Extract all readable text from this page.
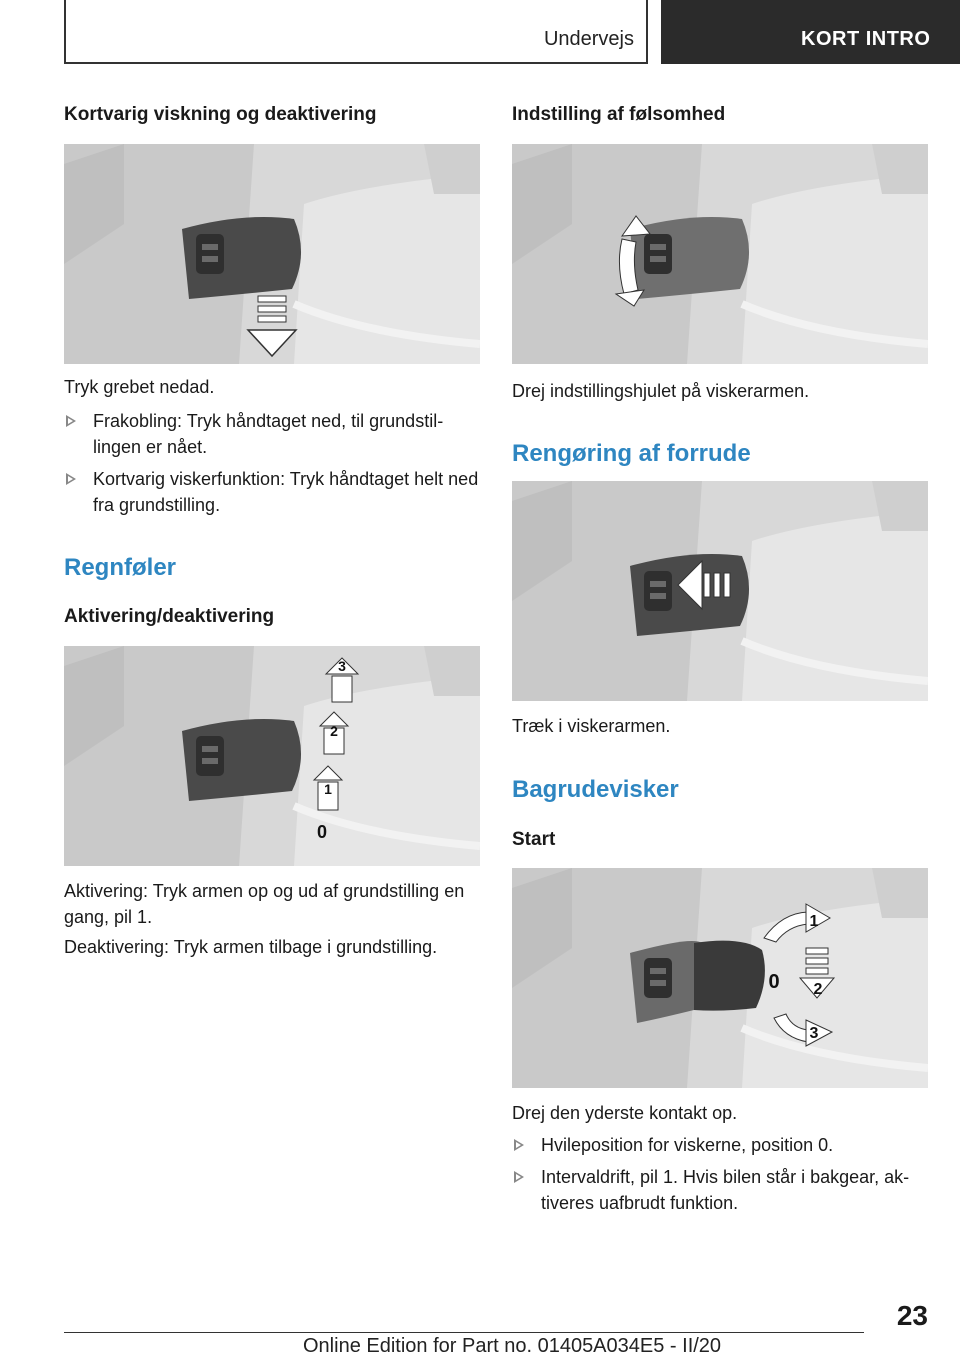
Undervejs	KORT INTRO
Kortvarig viskning og deaktivering

Tryk grebet nedad.

Frakobling: Tryk håndtaget ned, til grundstillingen er nået.
Kortvarig viskerfunktion: Tryk håndtaget helt ned fra grundstilling.
Regnføler
Aktivering/deaktivering
3
2
1
0

Aktivering: Tryk armen op og ud af grundstilling en gang, pil 1.

Deaktivering: Tryk armen tilbage i grundstilling.

Indstilling af følsomhed

Drej indstillingshjulet på viskerarmen.

Rengøring af forrude

Træk i viskerarmen.

Bagrudevisker
Start
1
0 2
3

Drej den yderste kontakt op.

Hvileposition for viskerne, position 0.
Intervaldrift, pil 1. Hvis bilen står i bakgear, aktiveres uafbrudt funktion.
23
Online Edition for Part no. 01405A034E5 - II/20
